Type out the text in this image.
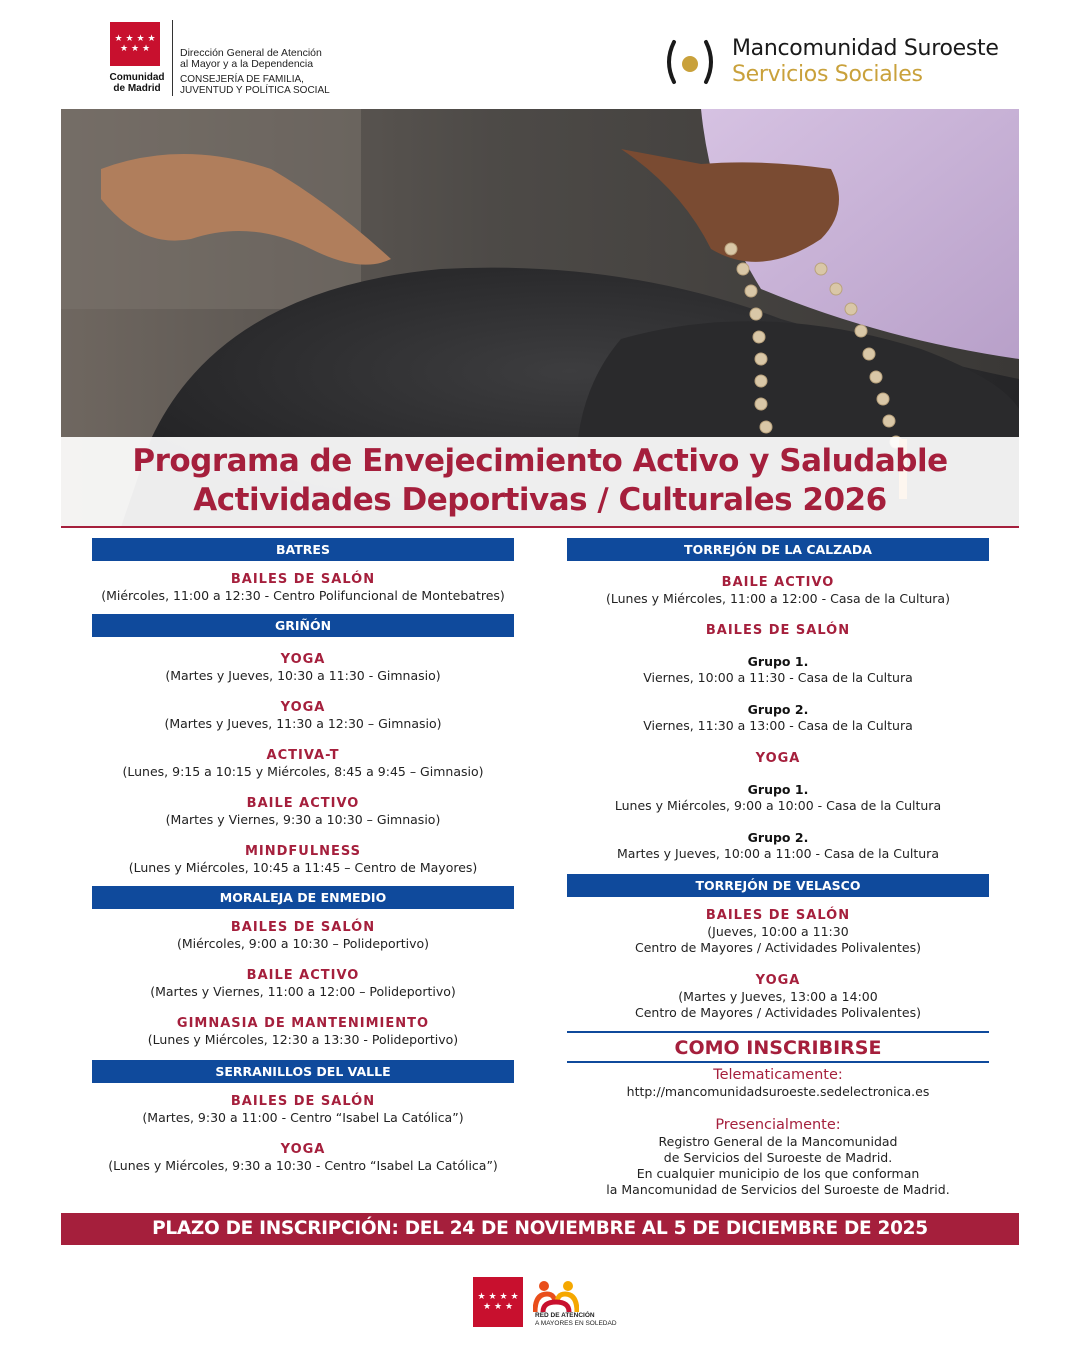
★ ★ ★ ★
★ ★ ★
Comunidad
de Madrid
Dirección General de Atención
al Mayor y a la Dependencia
CONSEJERÍA DE FAMILIA,
JUVENTUD Y POLÍTICA SOCIAL
Mancomunidad Suroeste
Servicios Sociales
Programa de Envejecimiento Activo y Saludable
Actividades Deportivas / Culturales 2026
BATRES
BAILES DE SALÓN
(Miércoles, 11:00 a 12:30 - Centro Polifuncional de Montebatres)
GRIÑÓN
YOGA
(Martes y Jueves, 10:30 a 11:30 - Gimnasio)
YOGA
(Martes y Jueves, 11:30 a 12:30 – Gimnasio)
ACTIVA-T
(Lunes, 9:15 a 10:15 y Miércoles, 8:45 a 9:45 – Gimnasio)
BAILE ACTIVO
(Martes y Viernes, 9:30 a 10:30 – Gimnasio)
MINDFULNESS
(Lunes y Miércoles, 10:45 a 11:45 – Centro de Mayores)
MORALEJA DE ENMEDIO
BAILES DE SALÓN
(Miércoles, 9:00 a 10:30 – Polideportivo)
BAILE ACTIVO
(Martes y Viernes, 11:00 a 12:00 – Polideportivo)
GIMNASIA DE MANTENIMIENTO
(Lunes y Miércoles, 12:30 a 13:30 - Polideportivo)
SERRANILLOS DEL VALLE
BAILES DE SALÓN
(Martes, 9:30 a 11:00 - Centro “Isabel La Católica”)
YOGA
(Lunes y Miércoles, 9:30 a 10:30 - Centro “Isabel La Católica”)
TORREJÓN DE LA CALZADA
BAILE ACTIVO
(Lunes y Miércoles, 11:00 a 12:00 - Casa de la Cultura)
BAILES DE SALÓN
Grupo 1.
Viernes, 10:00 a 11:30 - Casa de la Cultura
Grupo 2.
Viernes, 11:30 a 13:00 - Casa de la Cultura
YOGA
Grupo 1.
Lunes y Miércoles, 9:00 a 10:00 - Casa de la Cultura
Grupo 2.
Martes y Jueves, 10:00 a 11:00 - Casa de la Cultura
TORREJÓN DE VELASCO
BAILES DE SALÓN
(Jueves, 10:00 a 11:30
Centro de Mayores / Actividades Polivalentes)
YOGA
(Martes y Jueves, 13:00 a 14:00
Centro de Mayores / Actividades Polivalentes)
COMO INSCRIBIRSE
Telematicamente:
http://mancomunidadsuroeste.sedelectronica.es
Presencialmente:
Registro General de la Mancomunidad
de Servicios del Suroeste de Madrid.
En cualquier municipio de los que conforman
la Mancomunidad de Servicios del Suroeste de Madrid.
PLAZO DE INSCRIPCIÓN: DEL 24 DE NOVIEMBRE AL 5 DE DICIEMBRE DE 2025
★ ★ ★ ★
★ ★ ★
RED DE ATENCIÓN
A MAYORES EN SOLEDAD
